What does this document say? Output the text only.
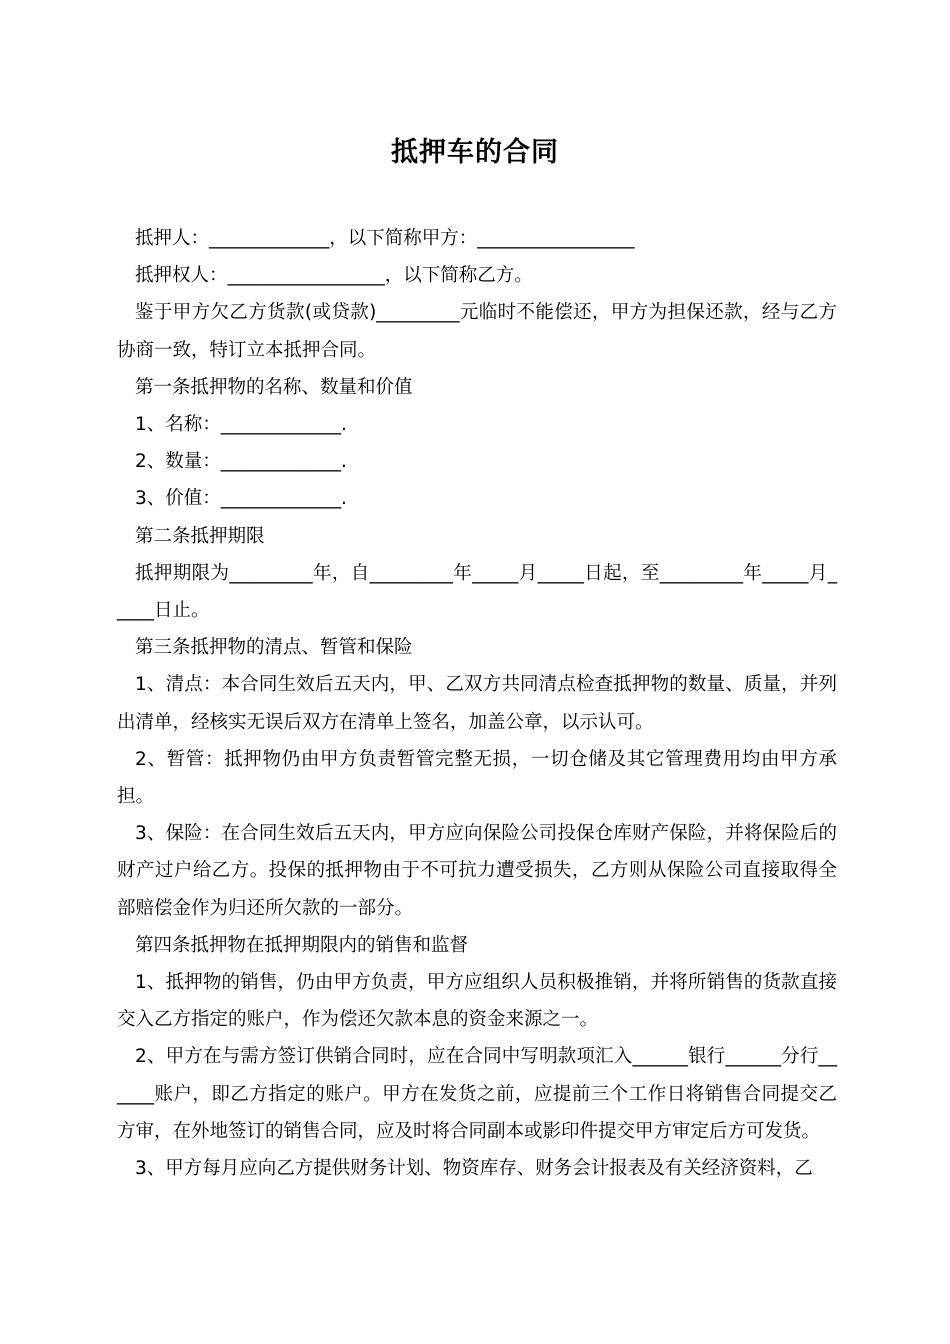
抵押车的合同

抵押人：_____________，以下简称甲方：_________________

抵押权人：_________________，以下简称乙方。

鉴于甲方欠乙方货款(或贷款)_________元临时不能偿还，甲方为担保还款，经与乙方协商一致，特订立本抵押合同。

第一条抵押物的名称、数量和价值

1、名称：_____________.

2、数量：_____________.

3、价值：_____________.

第二条抵押期限

抵押期限为_________年，自_________年_____月_____日起，至_________年_____月_____日止。

第三条抵押物的清点、暂管和保险

1、清点：本合同生效后五天内，甲、乙双方共同清点检查抵押物的数量、质量，并列出清单，经核实无误后双方在清单上签名，加盖公章，以示认可。

2、暂管：抵押物仍由甲方负责暂管完整无损，一切仓储及其它管理费用均由甲方承担。

3、保险：在合同生效后五天内，甲方应向保险公司投保仓库财产保险，并将保险后的财产过户给乙方。投保的抵押物由于不可抗力遭受损失，乙方则从保险公司直接取得全部赔偿金作为归还所欠款的一部分。

第四条抵押物在抵押期限内的销售和监督

1、抵押物的销售，仍由甲方负责，甲方应组织人员积极推销，并将所销售的货款直接交入乙方指定的账户，作为偿还欠款本息的资金来源之一。

2、甲方在与需方签订供销合同时，应在合同中写明款项汇入______银行______分行______账户，即乙方指定的账户。甲方在发货之前，应提前三个工作日将销售合同提交乙方审，在外地签订的销售合同，应及时将合同副本或影印件提交甲方审定后方可发货。

3、甲方每月应向乙方提供财务计划、物资库存、财务会计报表及有关经济资料，乙
